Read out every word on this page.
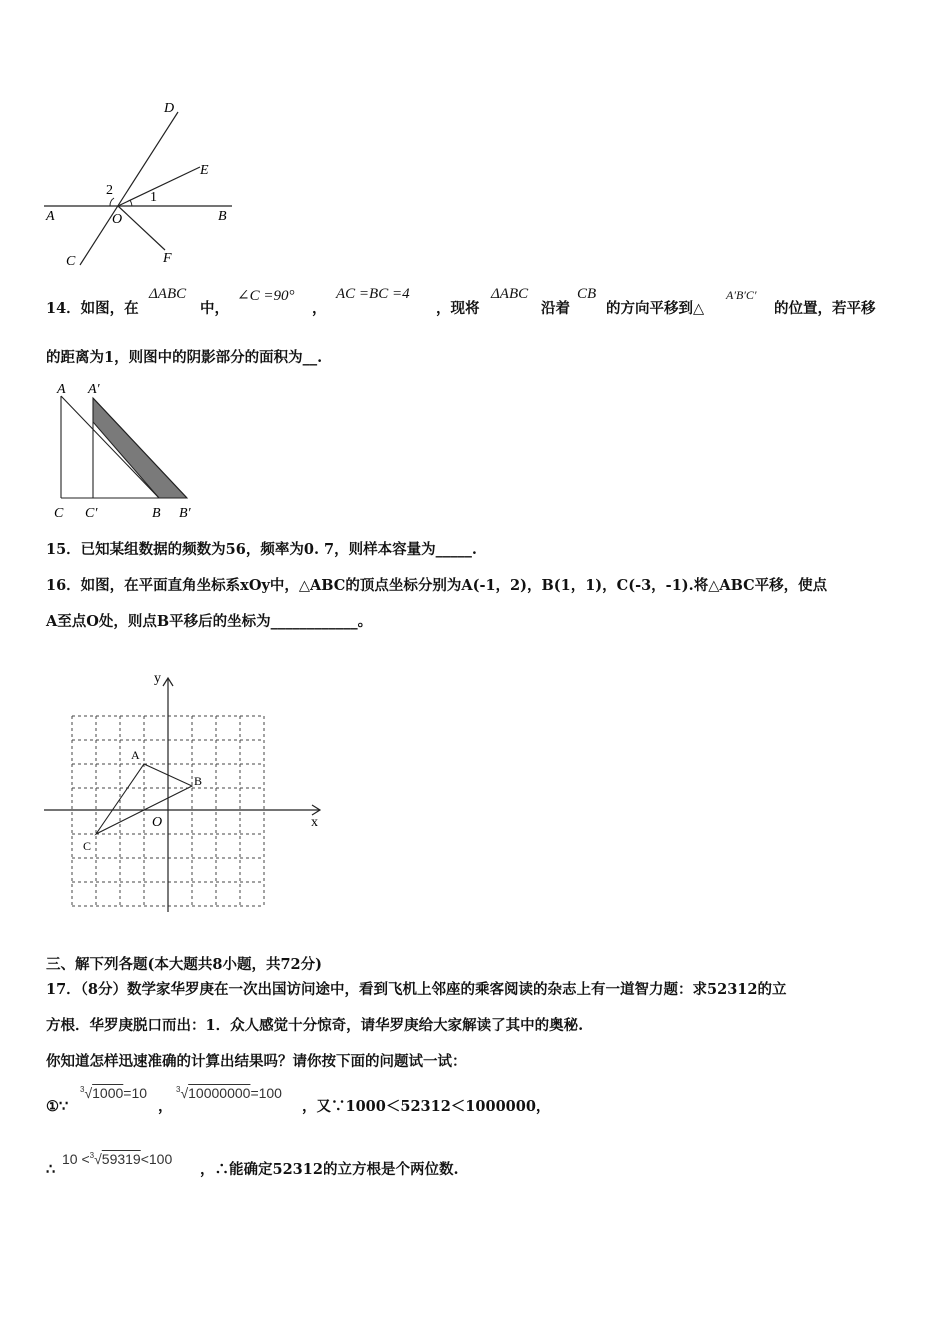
D
E
2	1
A	O	B
F
C
14．如图，在
ΔABC
中，
∠C =90°
，
AC =BC =4
，现将
ΔABC
沿着
CB
的方向平移到△
A′B′C′
的位置，若平移
的距离为1，则图中的阴影部分的面积为__.
A A′
C C′	B B′
15．已知某组数据的频数为56，频率为0. 7，则样本容量为_____.
16．如图，在平面直角坐标系xOy中，△ABC的顶点坐标分别为A(-1，2)，B(1，1)，C(-3，-1).将△ABC平移，使点
A至点O处，则点B平移后的坐标为____________。
x
y
O
A
B
C
三、解下列各题(本大题共8小题，共72分)
17．（8分）数学家华罗庚在一次出国访问途中，看到飞机上邻座的乘客阅读的杂志上有一道智力题：求52312的立
方根．华罗庚脱口而出：1．众人感觉十分惊奇，请华罗庚给大家解读了其中的奥秘.
你知道怎样迅速准确的计算出结果吗？请你按下面的问题试一试：
①∵
$^3$√1000=10
，
$^3$√10000000=100
，又∵1000＜52312＜1000000，
∴
10 <$^3$√59319<100
，∴能确定52312的立方根是个两位数.
